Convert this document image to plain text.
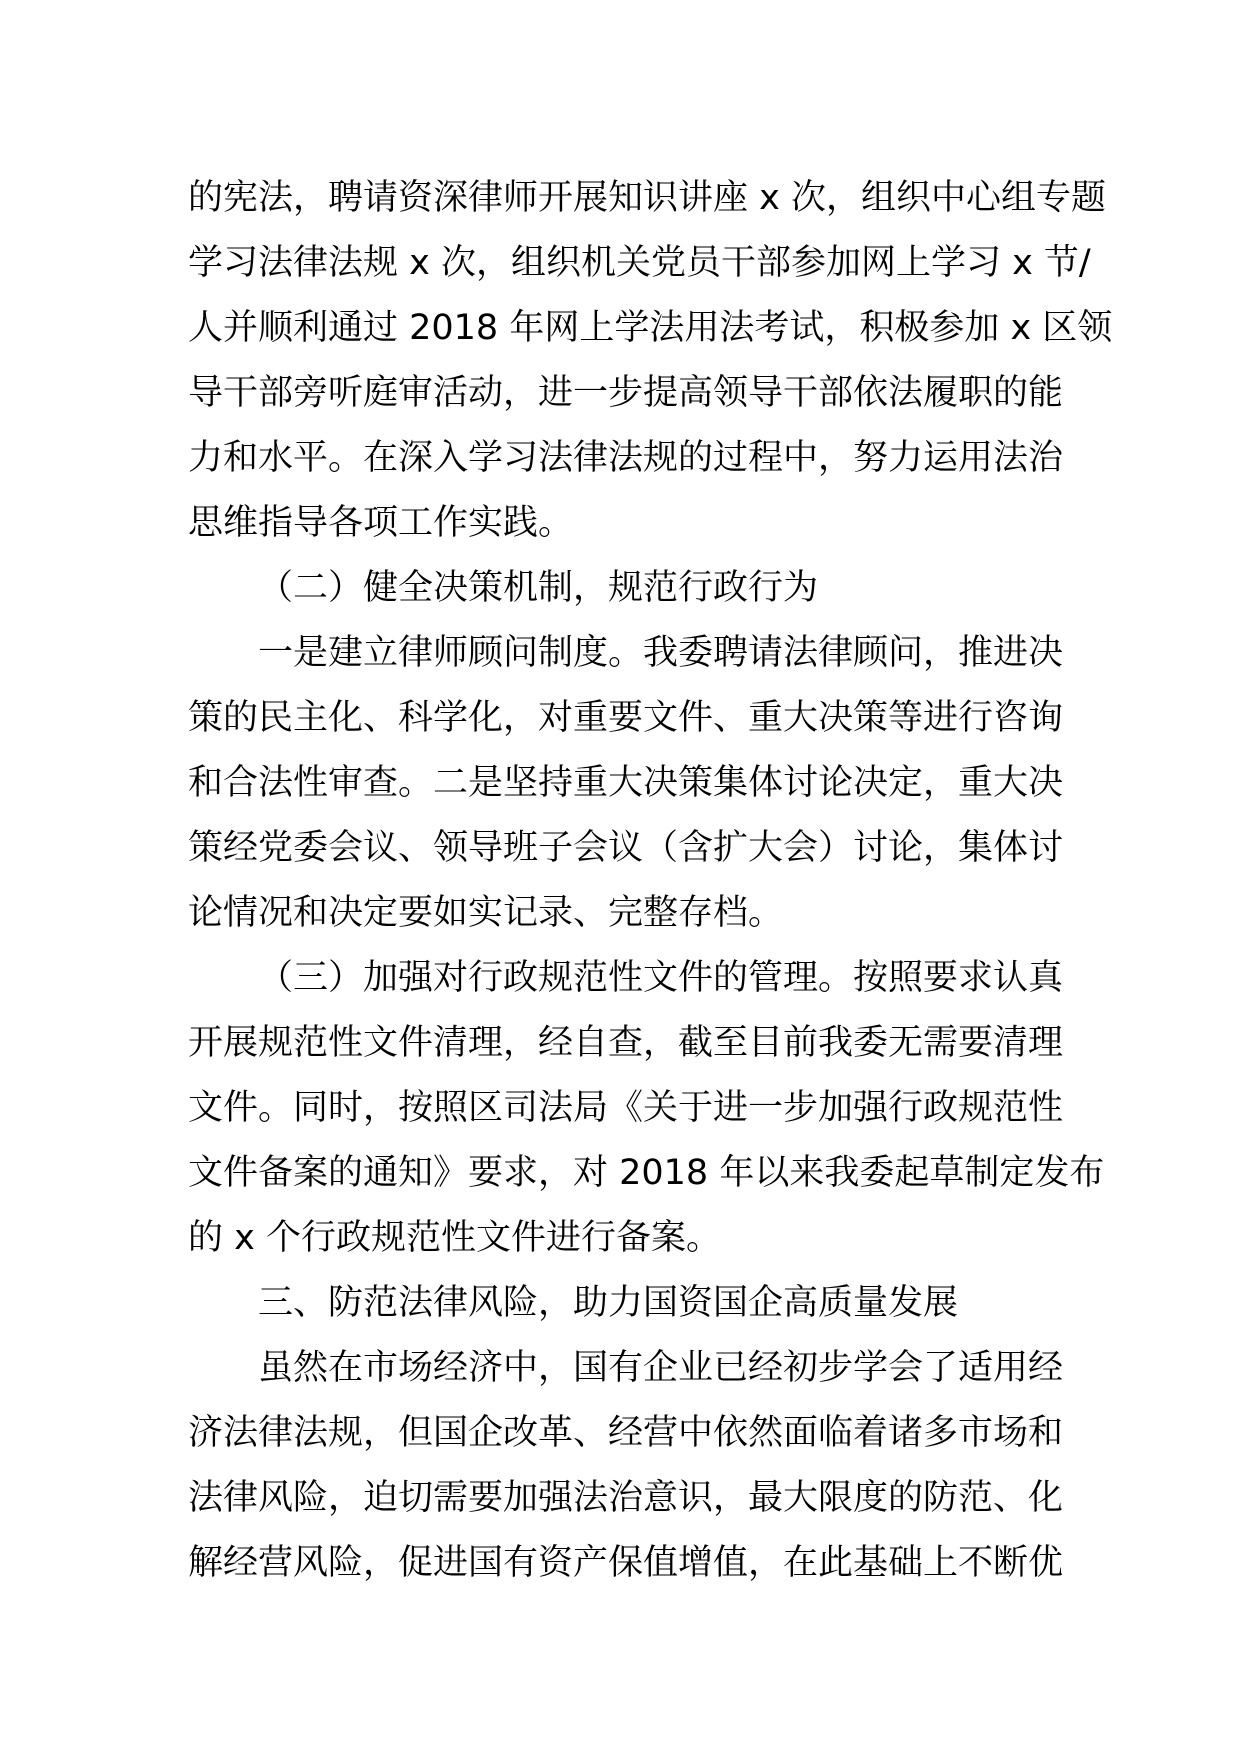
的宪法，聘请资深律师开展知识讲座 x 次，组织中心组专题
学习法律法规 x 次，组织机关党员干部参加网上学习 x 节/
人并顺利通过 2018 年网上学法用法考试，积极参加 x 区领
导干部旁听庭审活动，进一步提高领导干部依法履职的能
力和水平。在深入学习法律法规的过程中，努力运用法治
思维指导各项工作实践。
（二）健全决策机制，规范行政行为
一是建立律师顾问制度。我委聘请法律顾问，推进决
策的民主化、科学化，对重要文件、重大决策等进行咨询
和合法性审查。二是坚持重大决策集体讨论决定，重大决
策经党委会议、领导班子会议（含扩大会）讨论，集体讨
论情况和决定要如实记录、完整存档。
（三）加强对行政规范性文件的管理。按照要求认真
开展规范性文件清理，经自查，截至目前我委无需要清理
文件。同时，按照区司法局《关于进一步加强行政规范性
文件备案的通知》要求，对 2018 年以来我委起草制定发布
的 x 个行政规范性文件进行备案。
三、防范法律风险，助力国资国企高质量发展
虽然在市场经济中，国有企业已经初步学会了适用经
济法律法规，但国企改革、经营中依然面临着诸多市场和
法律风险，迫切需要加强法治意识，最大限度的防范、化
解经营风险，促进国有资产保值增值，在此基础上不断优
